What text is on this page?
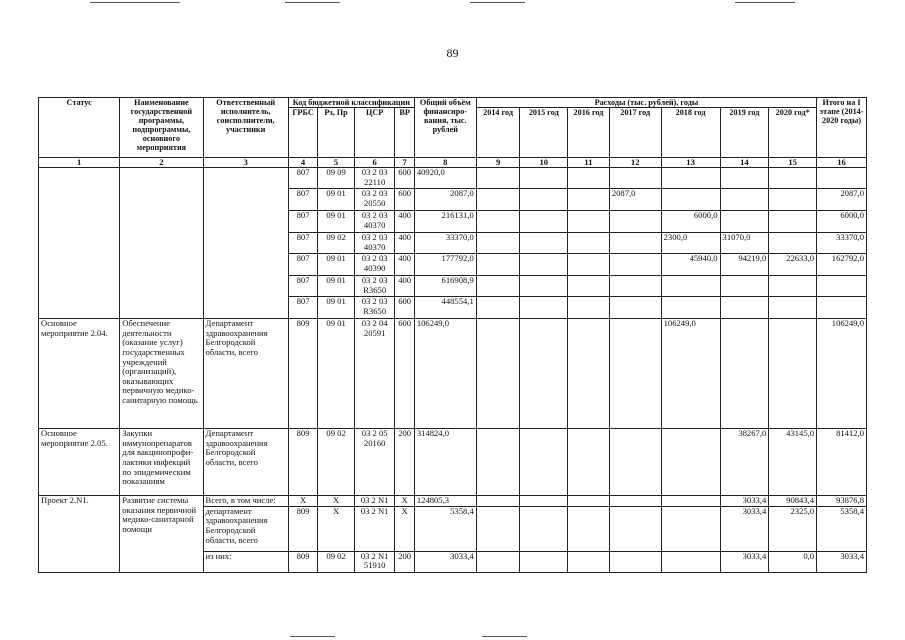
89
Статус	Наименование государственной программы, подпрограммы, основного мероприятия	Ответственный исполнитель, соисполнители, участники	Код бюджетной классификации				Общий объём финансиро-вания, тыс. рублей	Расходы (тыс. рублей), годы							Итого на I этапе (2014-2020 годы)
			ГРБС	Рз, Пр	ЦСР	ВР		2014 год	2015 год	2016 год	2017 год	2018 год	2019 год	2020 год*	
1	2	3	4	5	6	7	8	9	10	11	12	13	14	15	16
			807	09 09	03 2 03 22110	600	40920,0								
			807	09 01	03 2 03 20550	600	2087,0				2087,0				2087,0
			807	09 01	03 2 03 40370	400	216131,0					6000,0			6000,0
			807	09 02	03 2 03 40370	400	33370,0					2300,0	31070,0		33370,0
			807	09 01	03 2 03 40390	400	177792,0					45940,0	94219,0	22633,0	162792,0
			807	09 01	03 2 03 R3650	400	616908,9								
			807	09 01	03 2 03 R3650	600	448554,1								
Основное мероприятие 2.04.	Обеспечение деятельности (оказание услуг) государственных учреждений (организаций), оказывающих первичную медико-санитарную помощь	Департамент здравоохранения Белгородской области, всего	809	09 01	03 2 04 20591	600	106249,0					106249,0			106249,0
Основное мероприятие 2.05.	Закупки иммунопрепаратов для вакцинопрофи-лактики инфекций по эпидемическим показаниям	Департамент здравоохранения Белгородской области, всего	809	09 02	03 2 05 20160	200	314824,0						38267,0	43145,0	81412,0
Проект 2.N1.	Развитие системы оказания первичной медико-санитарной помощи	Всего, в том числе:	X	X	03 2 N1	X	124805,3						3033,4	90843,4	93876,8
		департамент здравоохранения Белгородской области, всего	809	X	03 2 N1	X	5358,4						3033,4	2325,0	5358,4
		из них:	809	09 02	03 2 N1 51910	200	3033,4						3033,4	0,0	3033,4
